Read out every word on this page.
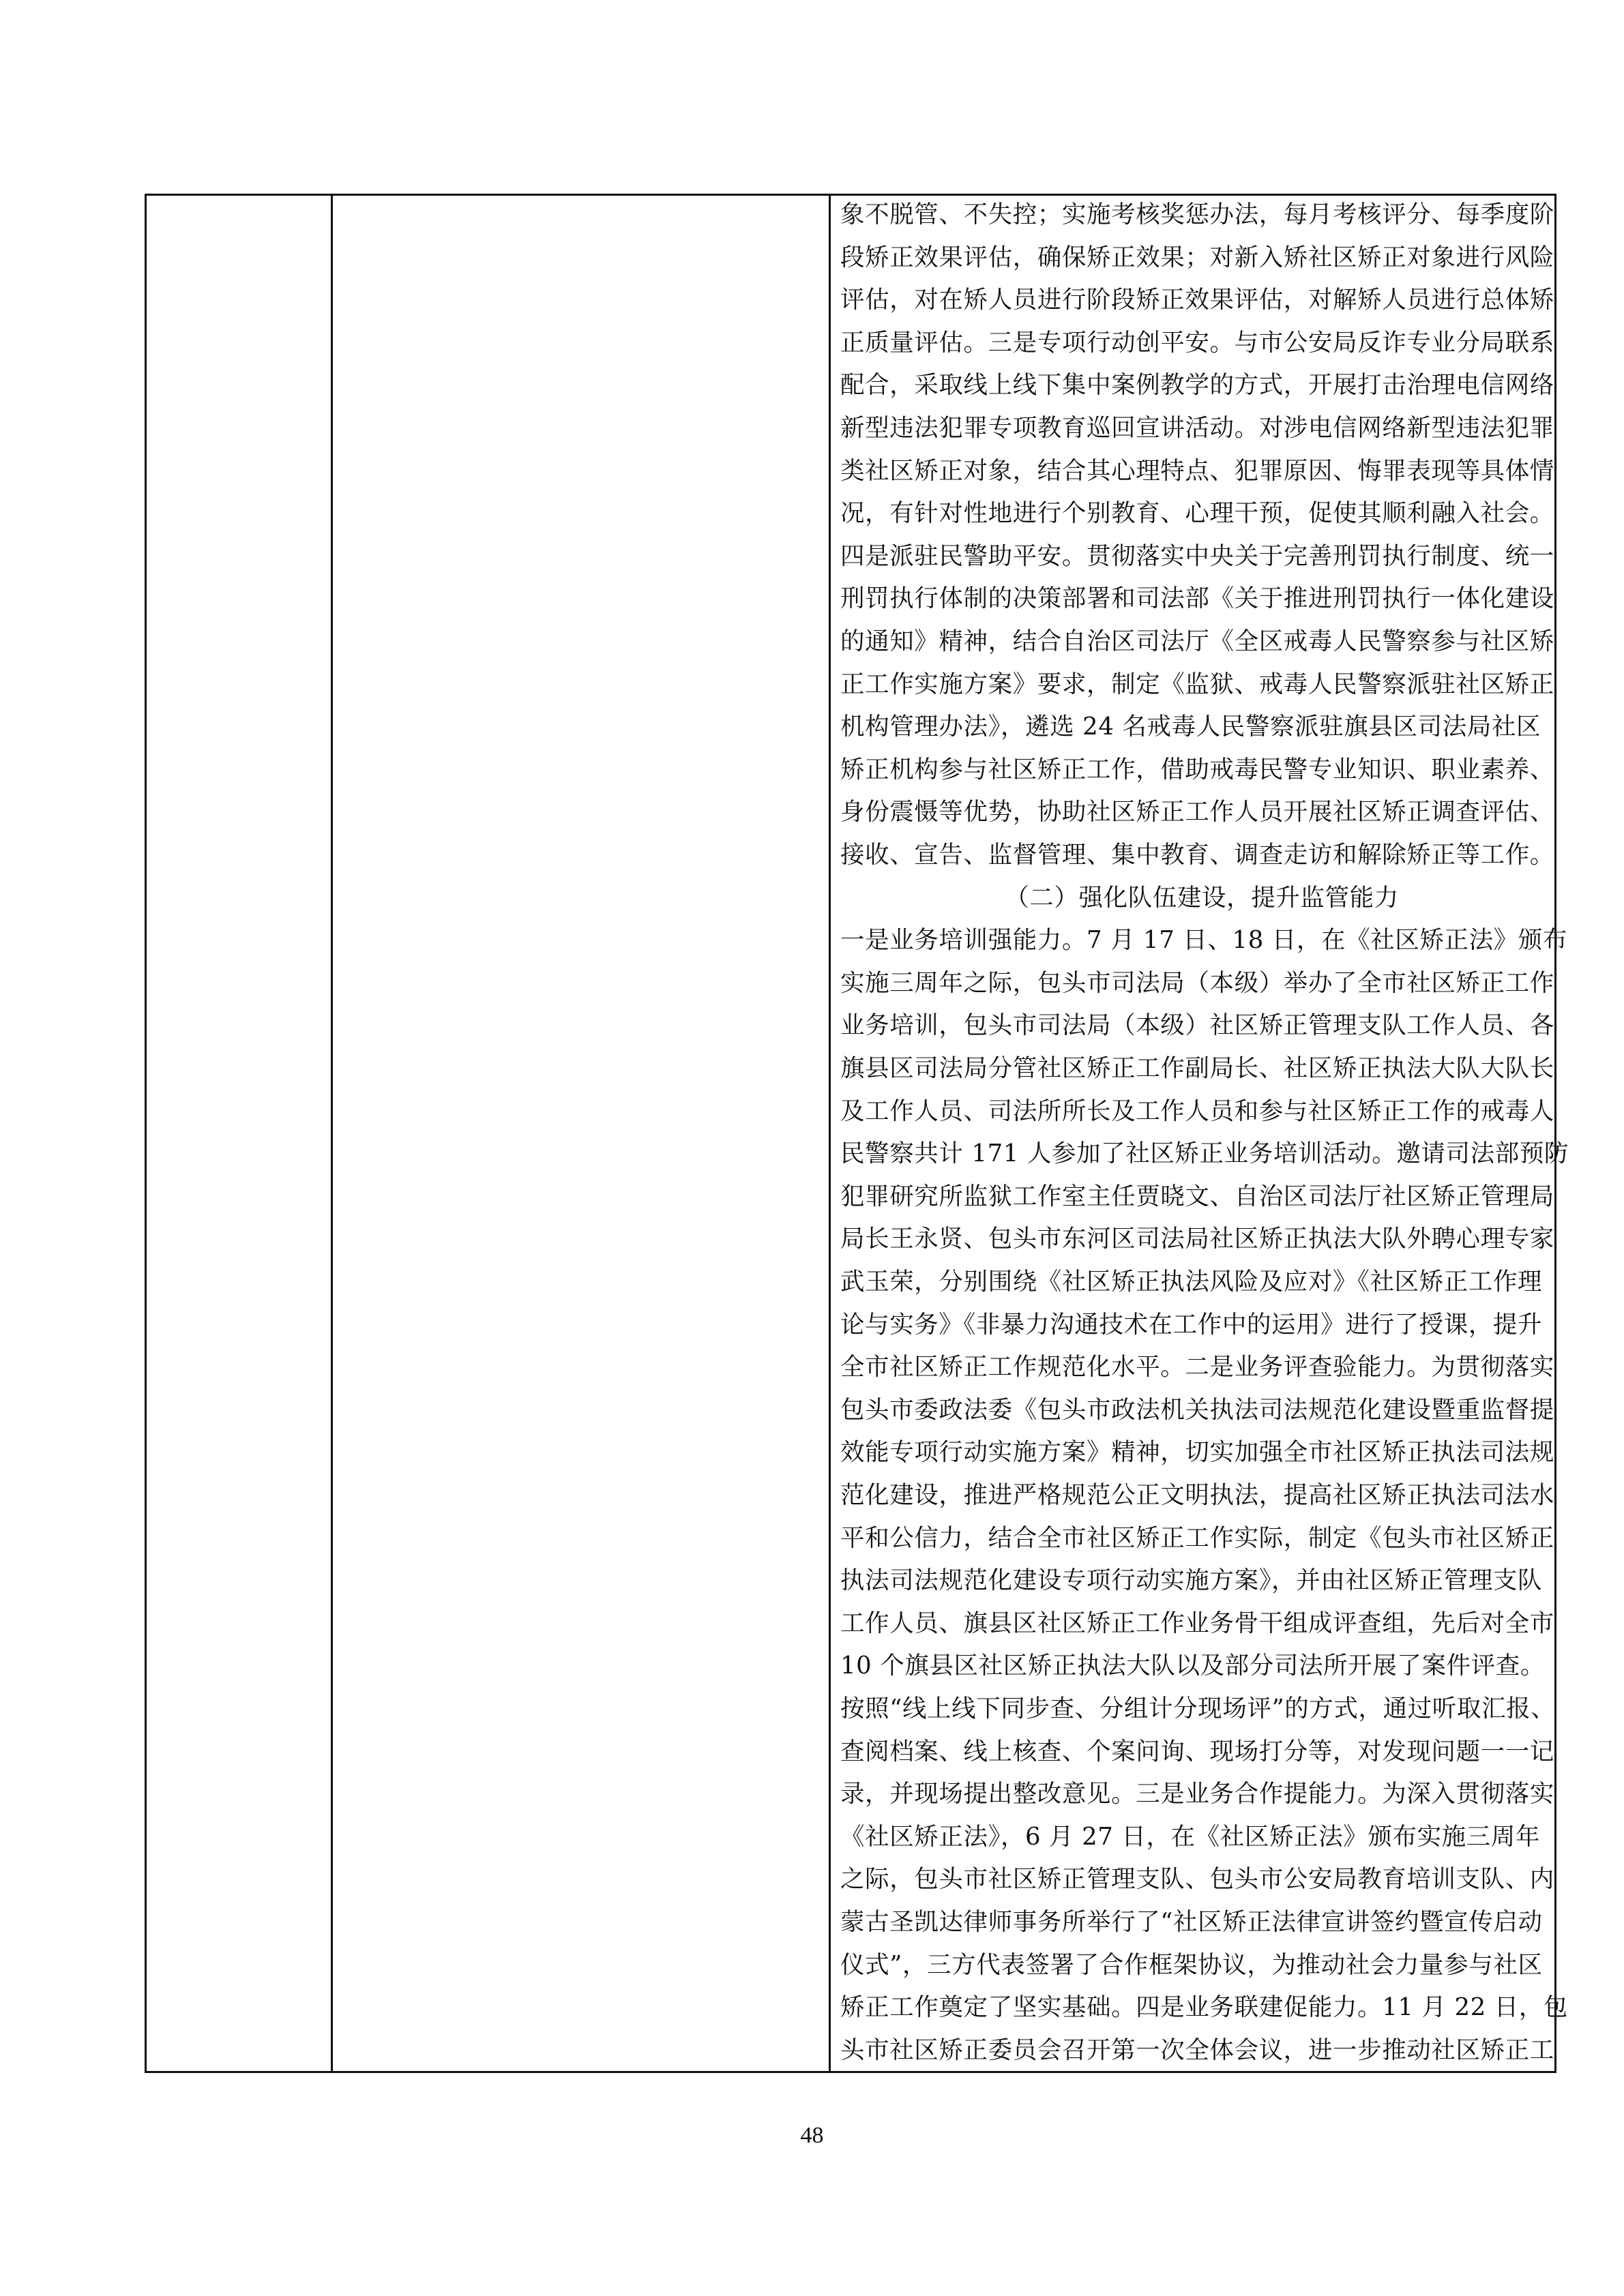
象不脱管、不失控；实施考核奖惩办法，每月考核评分、每季度阶
段矫正效果评估，确保矫正效果；对新入矫社区矫正对象进行风险
评估，对在矫人员进行阶段矫正效果评估，对解矫人员进行总体矫
正质量评估。三是专项行动创平安。与市公安局反诈专业分局联系
配合，采取线上线下集中案例教学的方式，开展打击治理电信网络
新型违法犯罪专项教育巡回宣讲活动。对涉电信网络新型违法犯罪
类社区矫正对象，结合其心理特点、犯罪原因、悔罪表现等具体情
况，有针对性地进行个别教育、心理干预，促使其顺利融入社会。
四是派驻民警助平安。贯彻落实中央关于完善刑罚执行制度、统一
刑罚执行体制的决策部署和司法部《关于推进刑罚执行一体化建设
的通知》精神，结合自治区司法厅《全区戒毒人民警察参与社区矫
正工作实施方案》要求，制定《监狱、戒毒人民警察派驻社区矫正
机构管理办法》，遴选 24 名戒毒人民警察派驻旗县区司法局社区
矫正机构参与社区矫正工作，借助戒毒民警专业知识、职业素养、
身份震慑等优势，协助社区矫正工作人员开展社区矫正调查评估、
接收、宣告、监督管理、集中教育、调查走访和解除矫正等工作。
（二）强化队伍建设，提升监管能力
一是业务培训强能力。7 月 17 日、18 日，在《社区矫正法》颁布
实施三周年之际，包头市司法局（本级）举办了全市社区矫正工作
业务培训，包头市司法局（本级）社区矫正管理支队工作人员、各
旗县区司法局分管社区矫正工作副局长、社区矫正执法大队大队长
及工作人员、司法所所长及工作人员和参与社区矫正工作的戒毒人
民警察共计 171 人参加了社区矫正业务培训活动。邀请司法部预防
犯罪研究所监狱工作室主任贾晓文、自治区司法厅社区矫正管理局
局长王永贤、包头市东河区司法局社区矫正执法大队外聘心理专家
武玉荣，分别围绕《社区矫正执法风险及应对》《社区矫正工作理
论与实务》《非暴力沟通技术在工作中的运用》进行了授课，提升
全市社区矫正工作规范化水平。二是业务评查验能力。为贯彻落实
包头市委政法委《包头市政法机关执法司法规范化建设暨重监督提
效能专项行动实施方案》精神，切实加强全市社区矫正执法司法规
范化建设，推进严格规范公正文明执法，提高社区矫正执法司法水
平和公信力，结合全市社区矫正工作实际，制定《包头市社区矫正
执法司法规范化建设专项行动实施方案》，并由社区矫正管理支队
工作人员、旗县区社区矫正工作业务骨干组成评查组，先后对全市
10 个旗县区社区矫正执法大队以及部分司法所开展了案件评查。
按照“线上线下同步查、分组计分现场评”的方式，通过听取汇报、
查阅档案、线上核查、个案问询、现场打分等，对发现问题一一记
录，并现场提出整改意见。三是业务合作提能力。为深入贯彻落实
《社区矫正法》，6 月 27 日，在《社区矫正法》颁布实施三周年
之际，包头市社区矫正管理支队、包头市公安局教育培训支队、内
蒙古圣凯达律师事务所举行了“社区矫正法律宣讲签约暨宣传启动
仪式”，三方代表签署了合作框架协议，为推动社会力量参与社区
矫正工作奠定了坚实基础。四是业务联建促能力。11 月 22 日，包
头市社区矫正委员会召开第一次全体会议，进一步推动社区矫正工
48
